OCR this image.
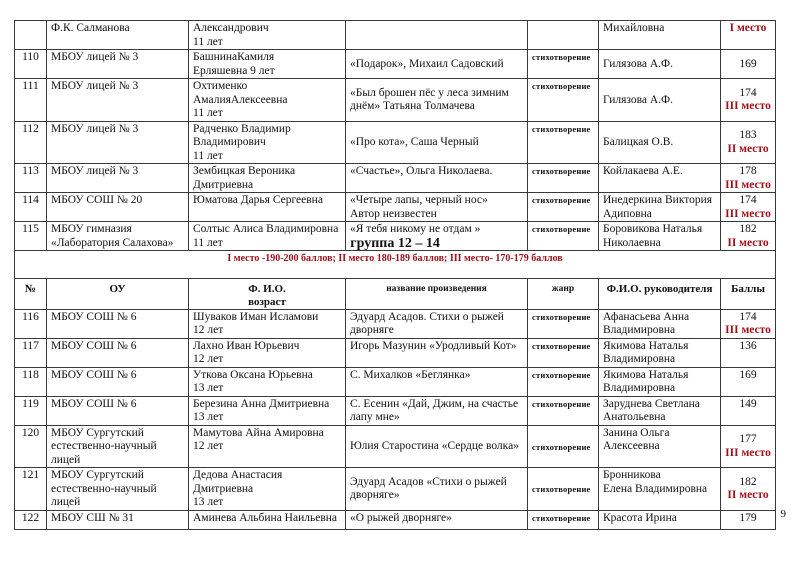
	Ф.К. Салманова	Александрович
11 лет			Михайловна	I место

110	МБОУ лицей № 3	БашнинаКамиля
Ерляшевна 9 лет	«Подарок», Михаил Садовский	стихотворение	Гилязова А.Ф.	169

111	МБОУ лицей № 3	Охтименко
АмалияАлексеевна
11 лет	«Был брошен пёс у леса зимним
днём» Татьяна Толмачева	стихотворение	Гилязова А.Ф.	174
III место

112	МБОУ лицей № 3	Радченко Владимир
Владимирович
11 лет	«Про кота», Саша Черный	стихотворение	Балицкая О.В.	183
II место

113	МБОУ лицей № 3	Зембицкая Вероника
Дмитриевна	«Счастье», Ольга Николаева.	стихотворение	Койлакаева А.Е.	178
III место

114	МБОУ СОШ № 20	Юматова Дарья Сергеевна	«Четыре лапы, черный нос»
Автор неизвестен	стихотворение	Инедеркина Виктория
Адиповна	174
III место

115	МБОУ гимназия
«Лаборатория Салахова»	Солтыс Алиса Владимировна
11 лет	«Я тебя никому не отдам »	стихотворение	Боровикова Наталья
Николаевна	182
II место
группа 12 – 14
I место -190-200 баллов; II место 180-189 баллов; III место- 170-179 баллов						

№	ОУ	Ф. И.О.
возраст	название произведения	жанр	Ф.И.О. руководителя	Баллы
116	МБОУ СОШ № 6	Шуваков Иман Исламови
12 лет	Эдуард Асадов. Стихи о рыжей
дворняге	стихотворение	Афанасьева Анна
Владимировна	174
III место

117	МБОУ СОШ № 6	Лахно Иван Юрьевич
12 лет	Игорь Мазунин «Уродливый Кот»	стихотворение	Якимова Наталья
Владимировна	136

118	МБОУ СОШ № 6	Уткова Оксана Юрьевна
13 лет	С. Михалков «Беглянка»	стихотворение	Якимова Наталья
Владимировна	169

119	МБОУ СОШ № 6	Березина Анна Дмитриевна
13 лет	С. Есенин «Дай, Джим, на счастье
лапу мне»	стихотворение	Заруднева Светлана
Анатольевна	149

120	МБОУ Сургутский
естественно-научный
лицей	Мамутова Айна Амировна
12 лет	Юлия Старостина «Сердце волка»	стихотворение	Занина Ольга
Алексеевна	177
III место

121	МБОУ Сургутский
естественно-научный
лицей	Дедова Анастасия
Дмитриевна
13 лет	Эдуард Асадов «Стихи о рыжей
дворняге»	стихотворение	Бронникова
Елена Владимировна	182
II место

122	МБОУ СШ № 31	Аминева Альбина Наильевна	«О рыжей дворняге»	стихотворение	Красота Ирина	179	9
